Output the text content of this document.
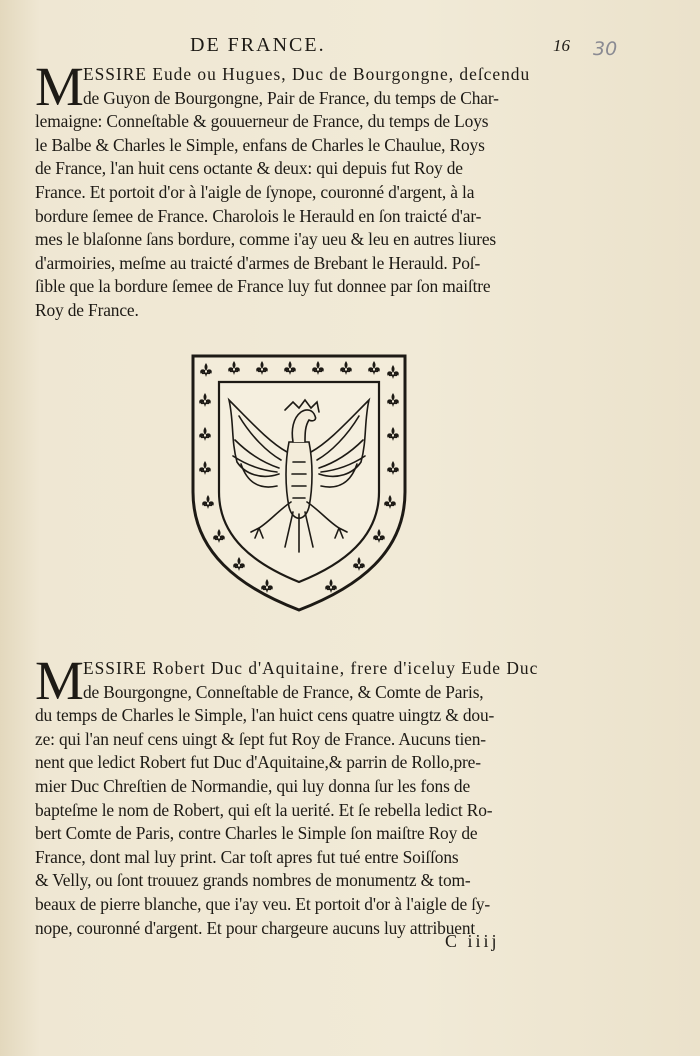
DE FRANCE.	16 30
M ESSIRE Eude ou Hugues, Duc de Bourgongne, deſcendu
de Guyon de Bourgongne, Pair de France, du temps de Char-
lemaigne: Conneſtable & gouuerneur de France, du temps de Loys
le Balbe & Charles le Simple, enfans de Charles le Chaulue, Roys
de France, l'an huit cens octante & deux: qui depuis fut Roy de
France. Et portoit d'or à l'aigle de ſynope, couronné d'argent, à la
bordure ſemee de France. Charolois le Herauld en ſon traicté d'ar-
mes le blaſonne ſans bordure, comme i'ay ueu & leu en autres liures
d'armoiries, meſme au traicté d'armes de Brebant le Herauld. Poſ-
ſible que la bordure ſemee de France luy fut donnee par ſon maiſtre
Roy de France.
M ESSIRE Robert Duc d'Aquitaine, frere d'iceluy Eude Duc
de Bourgongne, Conneſtable de France, & Comte de Paris,
du temps de Charles le Simple, l'an huict cens quatre uingtz & dou-
ze: qui l'an neuf cens uingt & ſept fut Roy de France. Aucuns tien-
nent que ledict Robert fut Duc d'Aquitaine,& parrin de Rollo,pre-
mier Duc Chreſtien de Normandie, qui luy donna ſur les fons de
bapteſme le nom de Robert, qui eſt la uerité. Et ſe rebella ledict Ro-
bert Comte de Paris, contre Charles le Simple ſon maiſtre Roy de
France, dont mal luy print. Car toſt apres fut tué entre Soiſſons
& Velly, ou ſont trouuez grands nombres de monumentz & tom-
beaux de pierre blanche, que i'ay veu. Et portoit d'or à l'aigle de ſy-
nope, couronné d'argent. Et pour chargeure aucuns luy attribuent
C iiij
